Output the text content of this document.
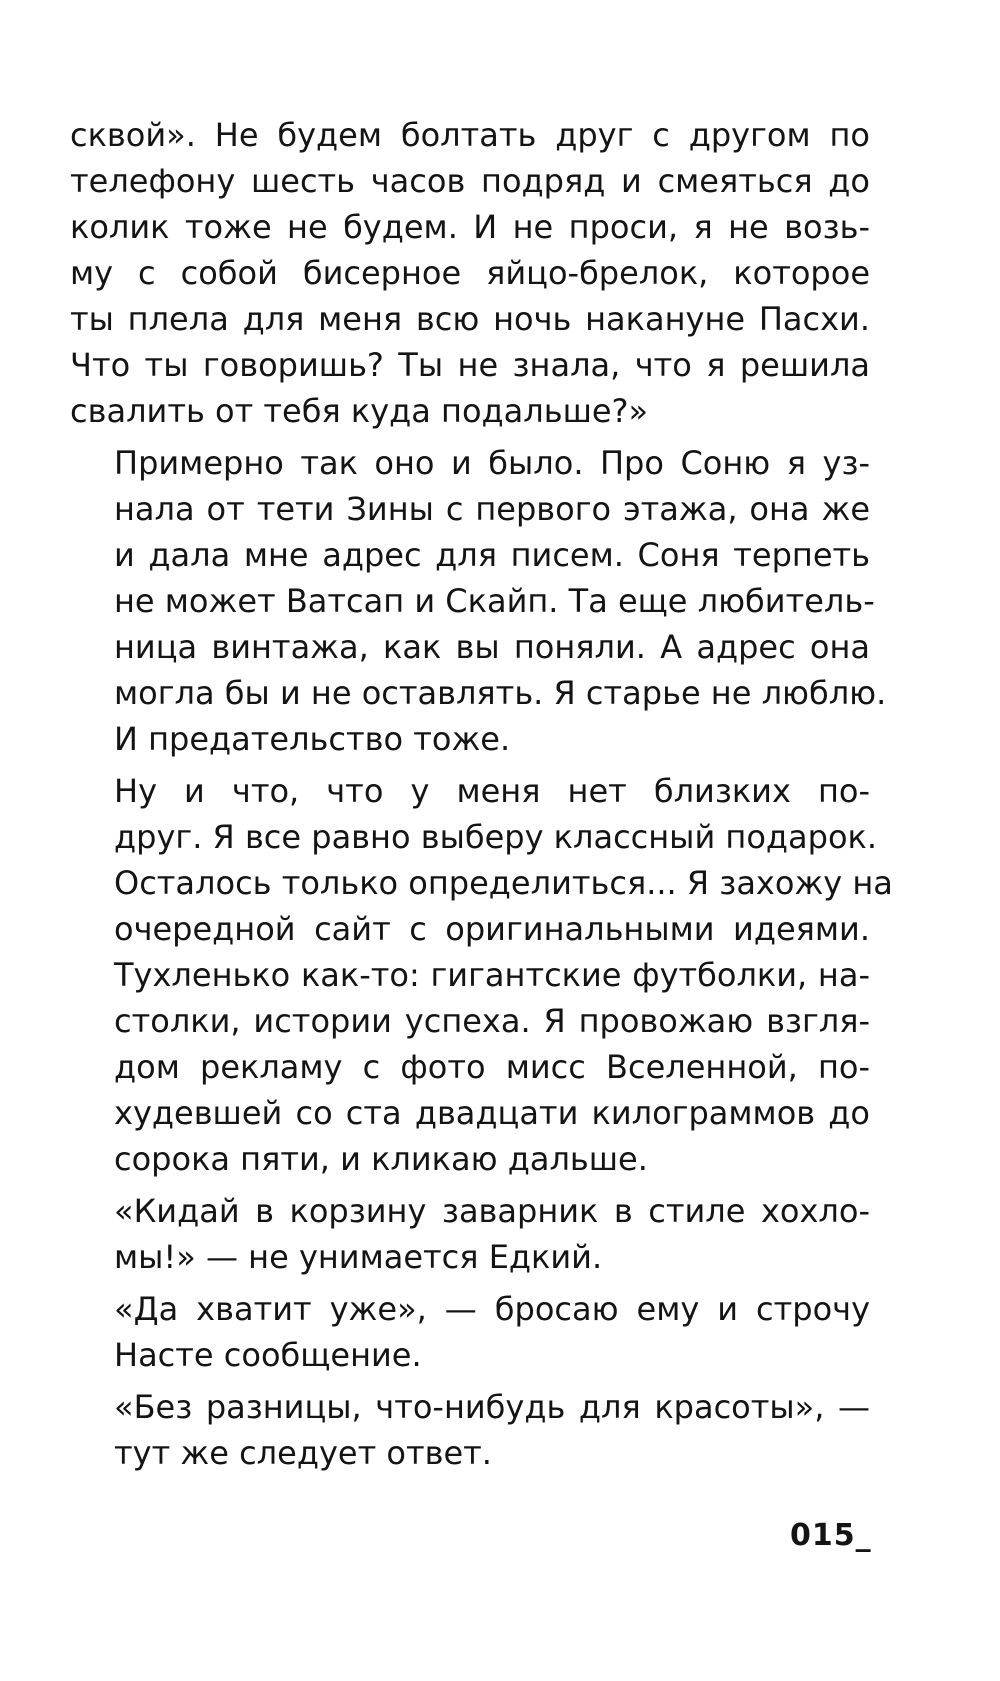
сквой». Не будем болтать друг с другом по
телефону шесть часов подряд и смеяться до
колик тоже не будем. И не проси, я не возь-
му с собой бисерное яйцо-брелок, которое
ты плела для меня всю ночь накануне Пасхи.
Что ты говоришь? Ты не знала, что я решила
свалить от тебя куда подальше?»

Примерно так оно и было. Про Соню я уз-
нала от тети Зины с первого этажа, она же
и дала мне адрес для писем. Соня терпеть
не может Ватсап и Скайп. Та еще любитель-
ница винтажа, как вы поняли. А адрес она
могла бы и не оставлять. Я старье не люблю.
И предательство тоже.

Ну и что, что у меня нет близких по-
друг. Я все равно выберу классный подарок.
Осталось только определиться... Я захожу на
очередной сайт с оригинальными идеями.
Тухленько как-то: гигантские футболки, на-
столки, истории успеха. Я провожаю взгля-
дом рекламу с фото мисс Вселенной, по-
худевшей со ста двадцати килограммов до
сорока пяти, и кликаю дальше.

«Кидай в корзину заварник в стиле хохло-
мы!» — не унимается Едкий.

«Да хватит уже», — бросаю ему и строчу
Насте сообщение.

«Без разницы, что-нибудь для красоты», —
тут же следует ответ.

015_
